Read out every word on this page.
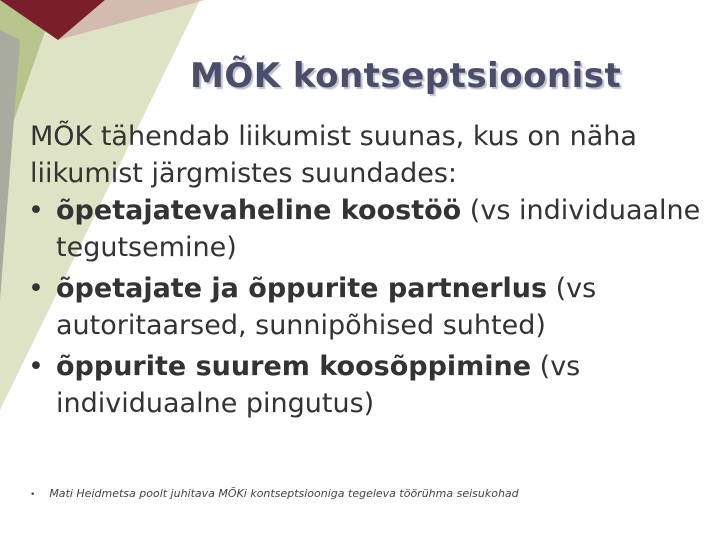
MÕK kontseptsioonist

MÕK tähendab liikumist suunas, kus on näha liikumist järgmistes suundades:

• õpetajatevaheline koostöö (vs individuaalne tegutsemine)

• õpetajate ja õppurite partnerlus (vs autoritaarsed, sunnipõhised suhted)

• õppurite suurem koosõppimine (vs individuaalne pingutus)

• Mati Heidmetsa poolt juhitava MÕKi kontseptsiooniga tegeleva töörühma seisukohad
